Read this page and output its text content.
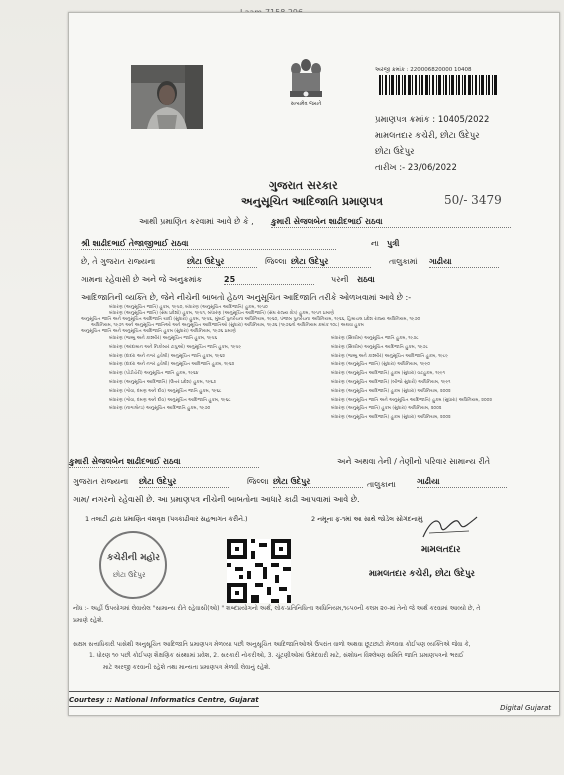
સત્યમેવ જયતે
અરજી ક્રમાંક : 220006820000 10408
પ્રમાણપત્ર ક્રમાંક : 10405/2022
મામલતદાર કચેરી, છોટા ઉદેપુર
છોટા ઉદેપુર
તારીખ :- 23/06/2022
ગુજરાત સરકાર
અનુસૂચિત આદિજાતિ પ્રમાણપત્ર	50/- 3479
આથી પ્રમાણિત કરવામાં આવે છે કે , કુમારી સેજલબેન શાઢીદભાઈ રાઠવા
શ્રી શાઢીદભાઈ તેજાજીભાઈ રાઠવા	ના પુત્રી
છે, તે ગુજરાત રાજ્યના	છોટા ઉદેપુર	જિલ્લા છોટા ઉદેપુર	તાલુકામાં ગાઢીયા
ગામના રહેવાસી છે અને જે અનુક્રમાંક	25	પરની રાઠવા
આદિજાતિની વ્યક્તિ છે, જેને નીચેની બાબતો હેઠળ અનુસૂચિત આદિજાતિ તરીકે ઓળખવામાં આવે છે :-
બંધારણ (અનુસૂચિત જાતિ) હુકમ, ૧૯૫૦, બંધારણ (અનુસૂચિત આદિજાતિ) હુકમ, ૧૯૫૦
બંધારણ (અનુસૂચિત જાતિ) (સંઘ પ્રદેશો) હુકમ, ૧૯૫૧, બંધારણ (અનુસૂચિત આદિજાતિ) (સંઘ રાજ્ય ક્ષેત્ર) હુકમ, ૧૯૫૧ પ્રમાણે
અનુસૂચિત જાતિ અને અનુસૂચિત આદિજાતિ યાદી (સુધારા) હુકમ, ૧૯૫૬, મુંબઈ પુનર્રચના અધિનિયમ, ૧૯૬૦, પંજાબ પુનર્રચના અધિનિયમ, ૧૯૬૬, હિમાચલ પ્રદેશ રાજ્ય અધિનિયમ, ૧૯૭૦
અધિનિયમ, ૧૯૭૧ અને અનુસૂચિત જાતિઓ અને અનુસૂચિત આદિજાતિઓ (સુધારા) અધિનિયમ, ૧૯૭૬ (૧૯૭૬નો અધિનિયમ ક્રમાંક ૧૦૮) અથવા હુકમ
અનુસૂચિત જાતિ અને અનુસૂચિત આદિજાતિ હુકમ (સુધારા) અધિનિયમ, ૧૯૭૬ પ્રમાણે
બંધારણ (જમ્મુ અને કાશ્મીર) અનુસૂચિત જાતિ હુકમ, ૧૯૫૬
બંધારણ (આંદામાન અને નિકોબાર ટાપુઓ) અનુસૂચિત જાતિ હુકમ, ૧૯૫૯
બંધારણ (દાદરા અને નગર હવેલી) અનુસૂચિત જાતિ હુકમ, ૧૯૬૨
બંધારણ (દાદરા અને નગર હવેલી) અનુસૂચિત આદિજાતિ હુકમ, ૧૯૬૨
બંધારણ (પોંડીચેરી) અનુસૂચિત જાતિ હુકમ, ૧૯૬૪
બંધારણ (અનુસૂચિત આદિજાતિ) (ઉત્તર પ્રદેશ) હુકમ, ૧૯૬૭
બંધારણ (ગોવા, દમણ અને દીવ) અનુસૂચિત જાતિ હુકમ, ૧૯૬૮
બંધારણ (ગોવા, દમણ અને દીવ) અનુસૂચિત આદિજાતિ હુકમ, ૧૯૬૮
બંધારણ (નાગાલેન્ડ) અનુસૂચિત આદિજાતિ હુકમ, ૧૯૭૦
બંધારણ (સિક્કીમ) અનુસૂચિત જાતિ હુકમ, ૧૯૭૮
બંધારણ (સિક્કીમ) અનુસૂચિત આદિજાતિ હુકમ, ૧૯૭૮
બંધારણ (જમ્મુ અને કાશ્મીર) અનુસૂચિત આદિજાતિ હુકમ, ૧૯૮૯
બંધારણ (અનુસૂચિત જાતિ) (સુધારા) અધિનિયમ, ૧૯૯૦
બંધારણ (અનુસૂચિત આદિજાતિ) હુકમ (સુધારા) વટહુકમ, ૧૯૯૧
બંધારણ (અનુસૂચિત આદિજાતિ) (બીજો સુધારો) અધિનિયમ, ૧૯૯૧
બંધારણ (અનુસૂચિત આદિજાતિ) હુકમ (સુધારા) અધિનિયમ, ૨૦૦૨
બંધારણ (અનુસૂચિત જાતિ અને અનુસૂચિત આદિજાતિ) હુકમ (સુધારા) અધિનિયમ, ૨૦૦૨
બંધારણ (અનુસૂચિત જાતિ) હુકમ (સુધારા) અધિનિયમ, ૨૦૦૨
બંધારણ (અનુસૂચિત આદિજાતિ) હુકમ (સુધારા) અધિનિયમ, ૨૦૦૨
કુમારી સેજલબેન શાઢીદભાઈ રાઠવા	અને અથવા તેની / તેણીનો પરિવાર સામાન્ય રીતે
ગુજરાત રાજ્યના છોટા ઉદેપુર	જિલ્લા છોટા ઉદેપુર	તાલુકાના	ગાઢીયા
ગામ/ નગરનો રહેવાસી છે. આ પ્રમાણપત્ર નીચેની બાબતોના આધારે કાઢી આપવામાં આવે છે.
1 તલાટી દ્વારા પ્રમાણિત વંશવૃક્ષ (પત્રકાઢીવાર સહભાગત કરીને.)	2 નમૂના ફ-૧માં આ સાથે જોડેલ સોગંદનામું
કચેરીની મહોર
છોટા ઉદેપુર
મામલતદાર
મામલતદાર કચેરી, છોટા ઉદેપુર
નોંધ :- અહીં ઉપયોગમાં લેવાયેલ "સામાન્ય રીતે રહેવાસી(ઓ) " શબ્દપ્રયોગનો અર્થ, લોક-પ્રતિનિધિત્વ અધિનિયમ,૧૯૫૦ની કલમ ૨૦-માં તેનો જે અર્થ કરવામાં આવ્યો છે, તે
પ્રમાણે રહેશે.
સક્ષમ સત્તાધિકારી પાસેથી અનુસૂચિત આદિજાતિ પ્રમાણપત્ર મેળવ્યા પછી અનુસૂચિત આદિજાતિઓએ ઉપરાંત વાળો અથવા છૂટછાટો મેળવવા કોઈપણ વ્યક્તિએ જેવા કે,
1. ધોરણ ૧૦ પછી કોઈપણ શૈક્ષણિક સંસ્થામાં પ્રવેશ, 2. સરકારી નોકરીઓ, 3. ચૂંટણીઓમાં ઉમેદવારી માટે, સંશોધન વિશ્લેષણ સમિતિ જાતિ પ્રમાણપત્રનો ભરાઈ
માટે અરજી કરવાની રહેશે તથા માન્યતા પ્રમાણપત્ર મેળવી લેવાનું રહેશે.
Courtesy :: National Informatics Centre, Gujarat
Digital Gujarat
